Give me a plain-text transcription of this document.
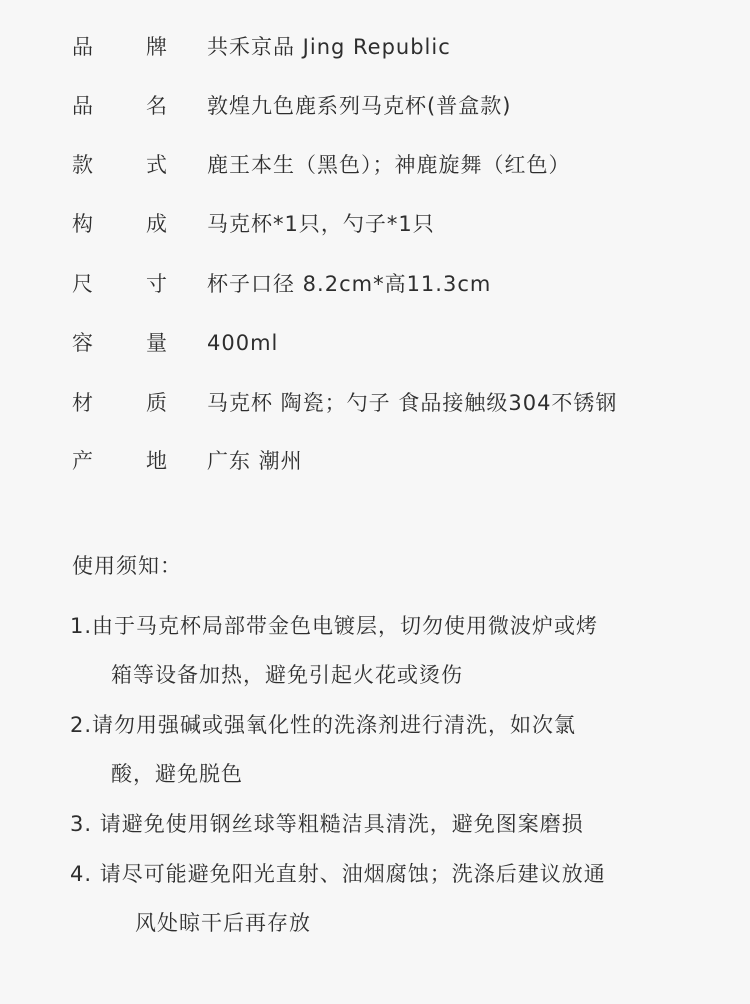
品	牌 共禾京品 Jing Republic
品	名 敦煌九色鹿系列马克杯(普盒款)
款	式 鹿王本生（黑色）；神鹿旋舞（红色）
构	成 马克杯*1只，勺子*1只
尺	寸 杯子口径 8.2cm*高11.3cm
容	量 400ml
材	质 马克杯 陶瓷；勺子 食品接触级304不锈钢
产	地 广东 潮州
使用须知：
1.由于马克杯局部带金色电镀层，切勿使用微波炉或烤
箱等设备加热，避免引起火花或烫伤
2.请勿用强碱或强氧化性的洗涤剂进行清洗，如次氯
酸，避免脱色
3. 请避免使用钢丝球等粗糙洁具清洗，避免图案磨损
4. 请尽可能避免阳光直射、油烟腐蚀；洗涤后建议放通
风处晾干后再存放
